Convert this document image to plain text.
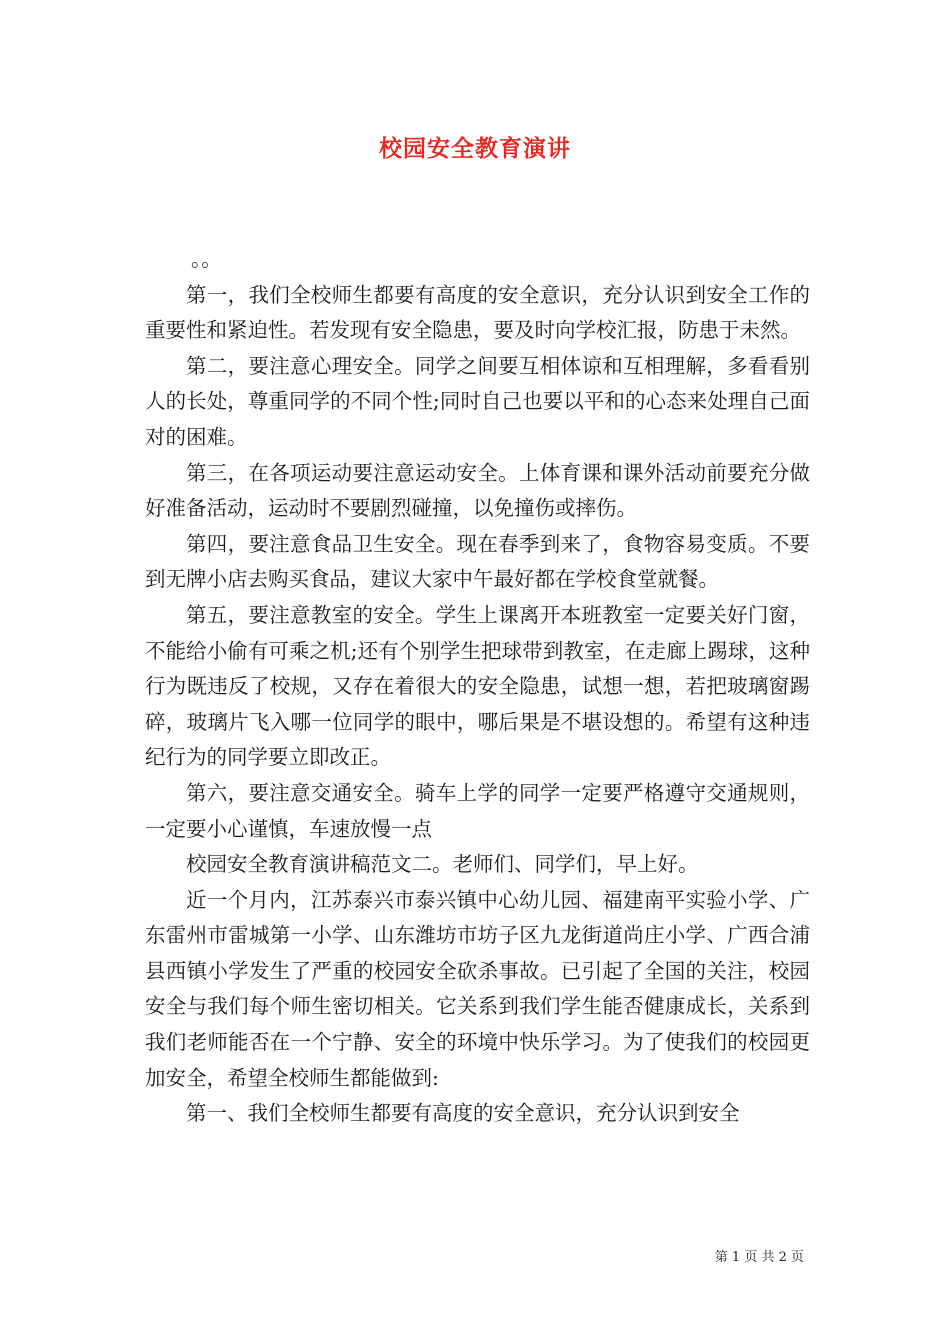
校园安全教育演讲

。。

第一，我们全校师生都要有高度的安全意识，充分认识到安全工作的重要性和紧迫性。若发现有安全隐患，要及时向学校汇报，防患于未然。

第二，要注意心理安全。同学之间要互相体谅和互相理解，多看看别人的长处，尊重同学的不同个性;同时自己也要以平和的心态来处理自己面对的困难。

第三，在各项运动要注意运动安全。上体育课和课外活动前要充分做好准备活动，运动时不要剧烈碰撞，以免撞伤或摔伤。

第四，要注意食品卫生安全。现在春季到来了，食物容易变质。不要到无牌小店去购买食品，建议大家中午最好都在学校食堂就餐。

第五，要注意教室的安全。学生上课离开本班教室一定要关好门窗，不能给小偷有可乘之机;还有个别学生把球带到教室，在走廊上踢球，这种行为既违反了校规，又存在着很大的安全隐患，试想一想，若把玻璃窗踢碎，玻璃片飞入哪一位同学的眼中，哪后果是不堪设想的。希望有这种违纪行为的同学要立即改正。

第六，要注意交通安全。骑车上学的同学一定要严格遵守交通规则，一定要小心谨慎，车速放慢一点

校园安全教育演讲稿范文二。老师们、同学们，早上好。

近一个月内，江苏泰兴市泰兴镇中心幼儿园、福建南平实验小学、广东雷州市雷城第一小学、山东潍坊市坊子区九龙街道尚庄小学、广西合浦县西镇小学发生了严重的校园安全砍杀事故。已引起了全国的关注，校园安全与我们每个师生密切相关。它关系到我们学生能否健康成长，关系到我们老师能否在一个宁静、安全的环境中快乐学习。为了使我们的校园更加安全，希望全校师生都能做到:

第一、我们全校师生都要有高度的安全意识，充分认识到安全

第 1 页 共 2 页
